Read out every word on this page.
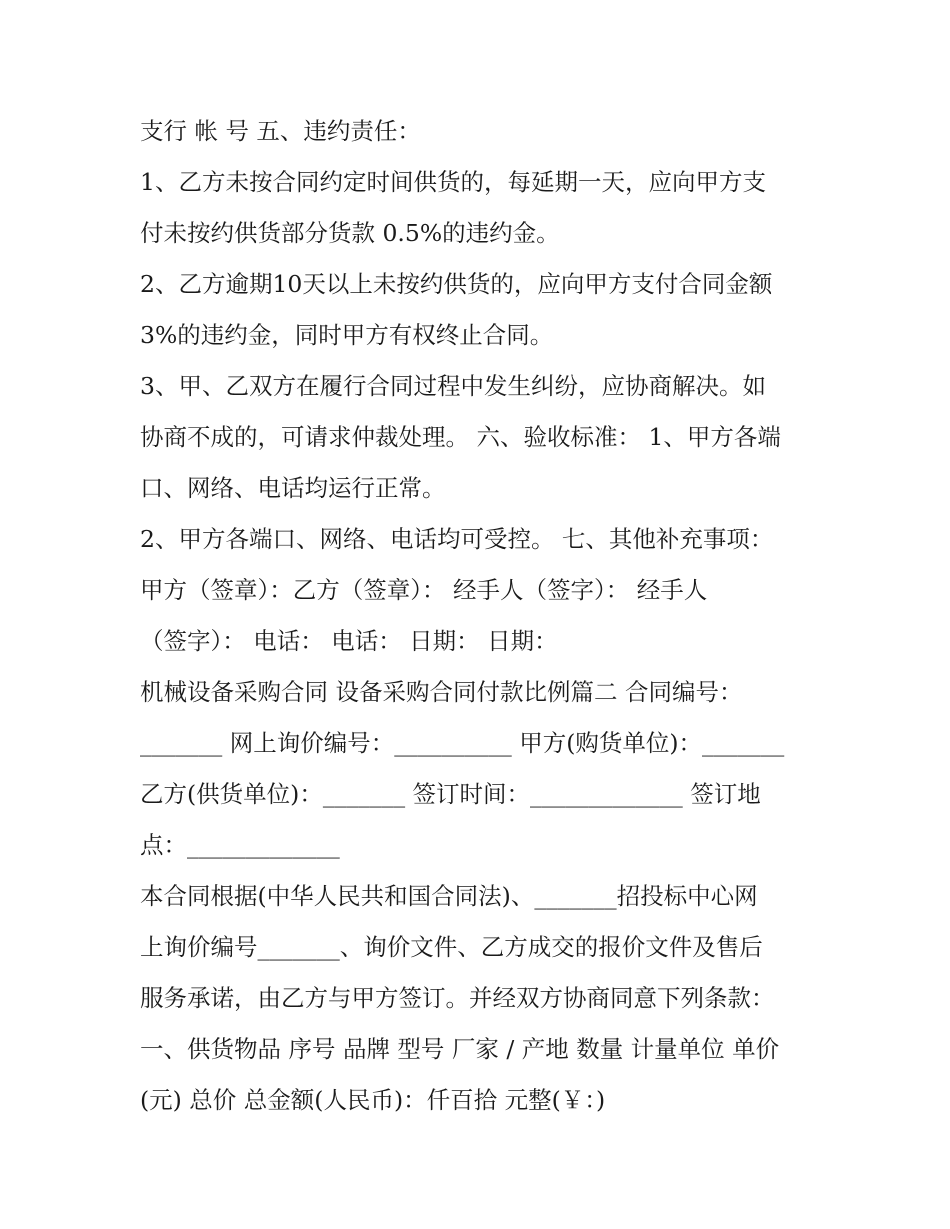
支行 帐 号 五、违约责任：
1、乙方未按合同约定时间供货的，每延期一天，应向甲方支
付未按约供货部分货款 0.5%的违约金。
2、乙方逾期10天以上未按约供货的，应向甲方支付合同金额
3%的违约金，同时甲方有权终止合同。
3、甲、乙双方在履行合同过程中发生纠纷，应协商解决。如
协商不成的，可请求仲裁处理。 六、验收标准： 1、甲方各端
口、网络、电话均运行正常。
2、甲方各端口、网络、电话均可受控。 七、其他补充事项：
甲方（签章）：乙方（签章）： 经手人（签字）： 经手人
（签字）： 电话： 电话： 日期： 日期：
机械设备采购合同 设备采购合同付款比例篇二 合同编号：
_______ 网上询价编号：__________ 甲方(购货单位)：_______
乙方(供货单位)：_______ 签订时间：_____________ 签订地
点：_____________
本合同根据(中华人民共和国合同法)、_______招投标中心网
上询价编号_______、询价文件、乙方成交的报价文件及售后
服务承诺，由乙方与甲方签订。并经双方协商同意下列条款：
一、供货物品 序号 品牌 型号 厂家 / 产地 数量 计量单位 单价
(元) 总价 总金额(人民币)：仟百拾 元整(￥：)
